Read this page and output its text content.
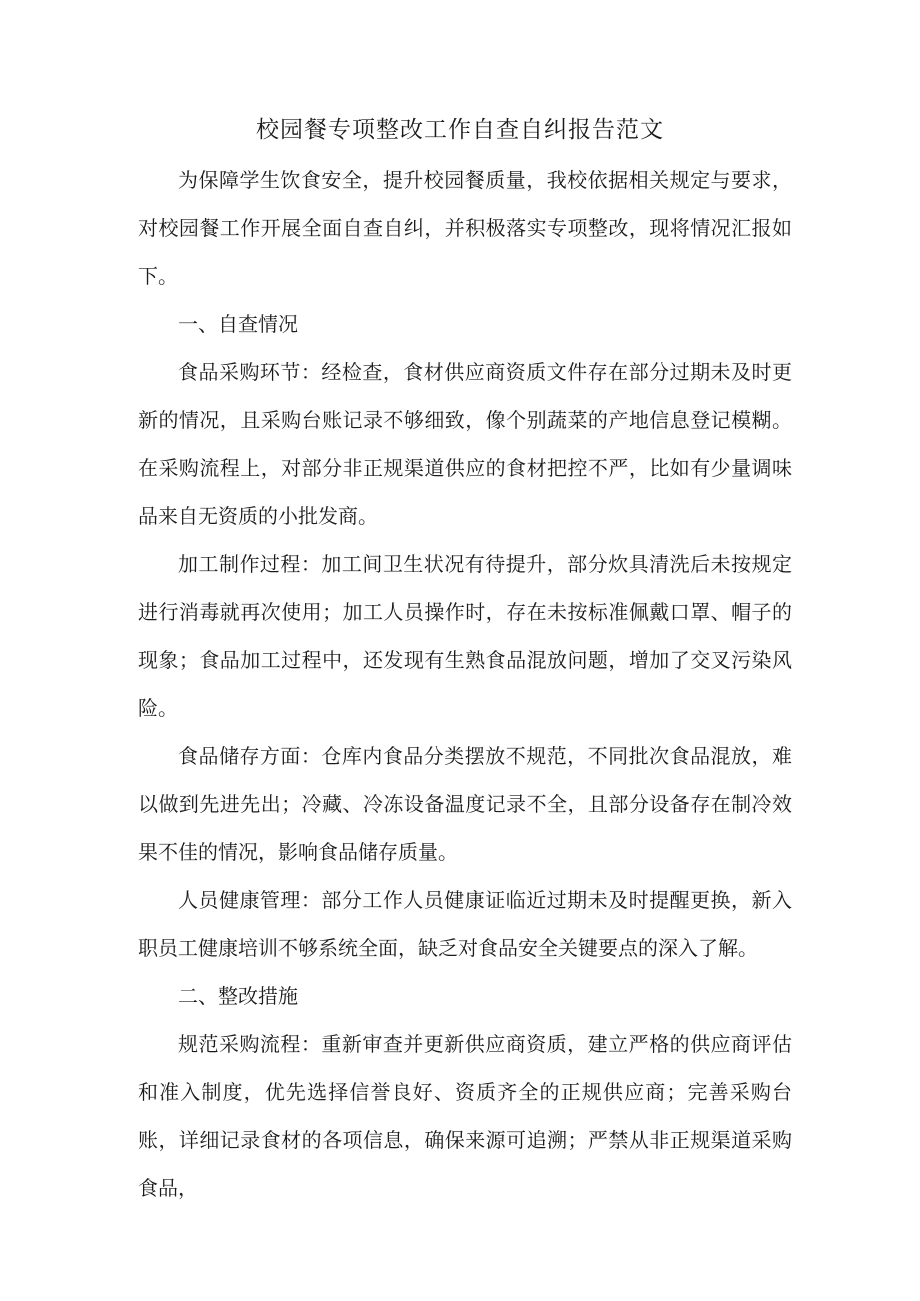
校园餐专项整改工作自查自纠报告范文

为保障学生饮食安全，提升校园餐质量，我校依据相关规定与要求，对校园餐工作开展全面自查自纠，并积极落实专项整改，现将情况汇报如下。

一、自查情况

食品采购环节：经检查，食材供应商资质文件存在部分过期未及时更新的情况，且采购台账记录不够细致，像个别蔬菜的产地信息登记模糊。在采购流程上，对部分非正规渠道供应的食材把控不严，比如有少量调味品来自无资质的小批发商。

加工制作过程：加工间卫生状况有待提升，部分炊具清洗后未按规定进行消毒就再次使用；加工人员操作时，存在未按标准佩戴口罩、帽子的现象；食品加工过程中，还发现有生熟食品混放问题，增加了交叉污染风险。

食品储存方面：仓库内食品分类摆放不规范，不同批次食品混放，难以做到先进先出；冷藏、冷冻设备温度记录不全，且部分设备存在制冷效果不佳的情况，影响食品储存质量。

人员健康管理：部分工作人员健康证临近过期未及时提醒更换，新入职员工健康培训不够系统全面，缺乏对食品安全关键要点的深入了解。

二、整改措施

规范采购流程：重新审查并更新供应商资质，建立严格的供应商评估和准入制度，优先选择信誉良好、资质齐全的正规供应商；完善采购台账，详细记录食材的各项信息，确保来源可追溯；严禁从非正规渠道采购食品，
